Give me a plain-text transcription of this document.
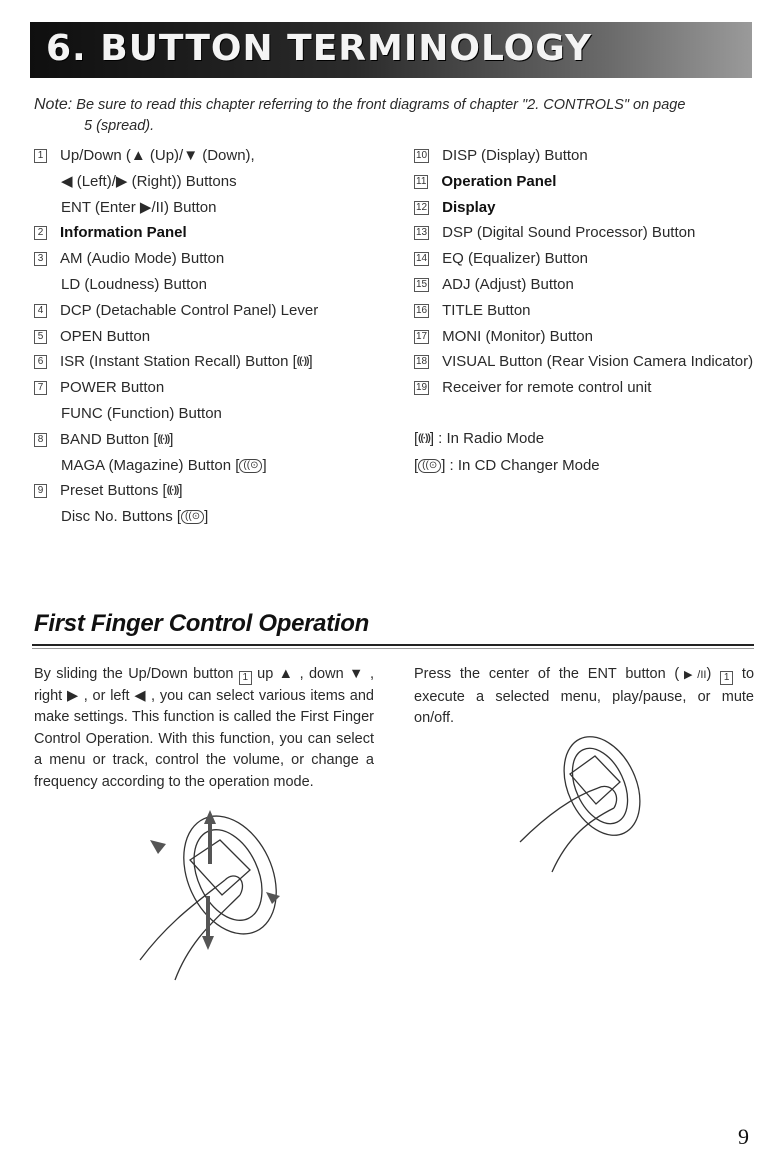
6. BUTTON TERMINOLOGY
Note: Be sure to read this chapter referring to the front diagrams of chapter "2. CONTROLS" on page
5 (spread).
1 Up/Down (▲ (Up)/▼ (Down),
◀ (Left)/▶ (Right)) Buttons
ENT (Enter ▶/II) Button
2 Information Panel
3 AM (Audio Mode) Button
LD (Loudness) Button
4 DCP (Detachable Control Panel) Lever
5 OPEN Button
6 ISR (Instant Station Recall) Button [((·))]
7 POWER Button
FUNC (Function) Button
8 BAND Button [((·))]
MAGA (Magazine) Button [ ((⊙ ]
9 Preset Buttons [((·))]
Disc No. Buttons [ ((⊙ ]
10 DISP (Display) Button
11 Operation Panel
12 Display
13 DSP (Digital Sound Processor) Button
14 EQ (Equalizer) Button
15 ADJ (Adjust) Button
16 TITLE Button
17 MONI (Monitor) Button
18 VISUAL Button (Rear Vision Camera Indicator)
19 Receiver for remote control unit
[((·))] : In Radio Mode
[ ((⊙ ] : In CD Changer Mode
First Finger Control Operation
By sliding the Up/Down button 1 up ▲ , down ▼ , right ▶ , or left ◀ , you can select various items and make settings. This function is called the First Finger Control Operation. With this function, you can select a menu or track, control the volume, or change a frequency according to the operation mode.
Press the center of the ENT button (▶/II) 1 to execute a selected menu, play/pause, or mute on/off.
9
